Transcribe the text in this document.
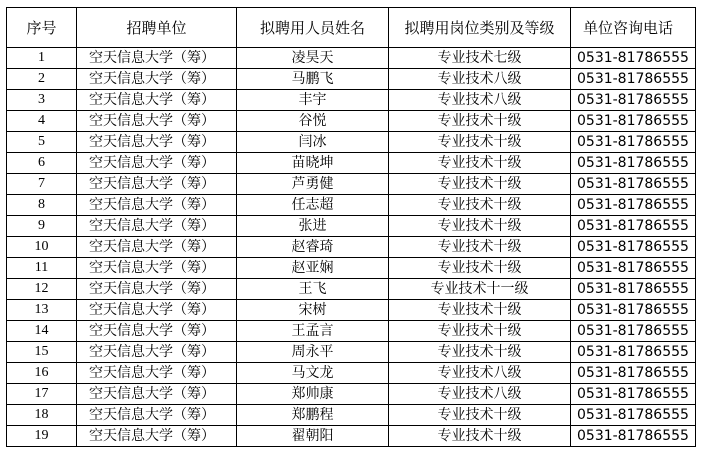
序号	招聘单位	拟聘用人员姓名	拟聘用岗位类别及等级	单位咨询电话
1	空天信息大学（筹）	凌昊天	专业技术七级	0531-81786555
2	空天信息大学（筹）	马鹏飞	专业技术八级	0531-81786555
3	空天信息大学（筹）	丰宇	专业技术八级	0531-81786555
4	空天信息大学（筹）	谷悦	专业技术十级	0531-81786555
5	空天信息大学（筹）	闫冰	专业技术十级	0531-81786555
6	空天信息大学（筹）	苗晓坤	专业技术十级	0531-81786555
7	空天信息大学（筹）	芦勇健	专业技术十级	0531-81786555
8	空天信息大学（筹）	任志超	专业技术十级	0531-81786555
9	空天信息大学（筹）	张进	专业技术十级	0531-81786555
10	空天信息大学（筹）	赵睿琦	专业技术十级	0531-81786555
11	空天信息大学（筹）	赵亚娴	专业技术十级	0531-81786555
12	空天信息大学（筹）	王飞	专业技术十一级	0531-81786555
13	空天信息大学（筹）	宋树	专业技术十级	0531-81786555
14	空天信息大学（筹）	王孟言	专业技术十级	0531-81786555
15	空天信息大学（筹）	周永平	专业技术十级	0531-81786555
16	空天信息大学（筹）	马文龙	专业技术八级	0531-81786555
17	空天信息大学（筹）	郑帅康	专业技术八级	0531-81786555
18	空天信息大学（筹）	郑鹏程	专业技术十级	0531-81786555
19	空天信息大学（筹）	翟朝阳	专业技术十级	0531-81786555
